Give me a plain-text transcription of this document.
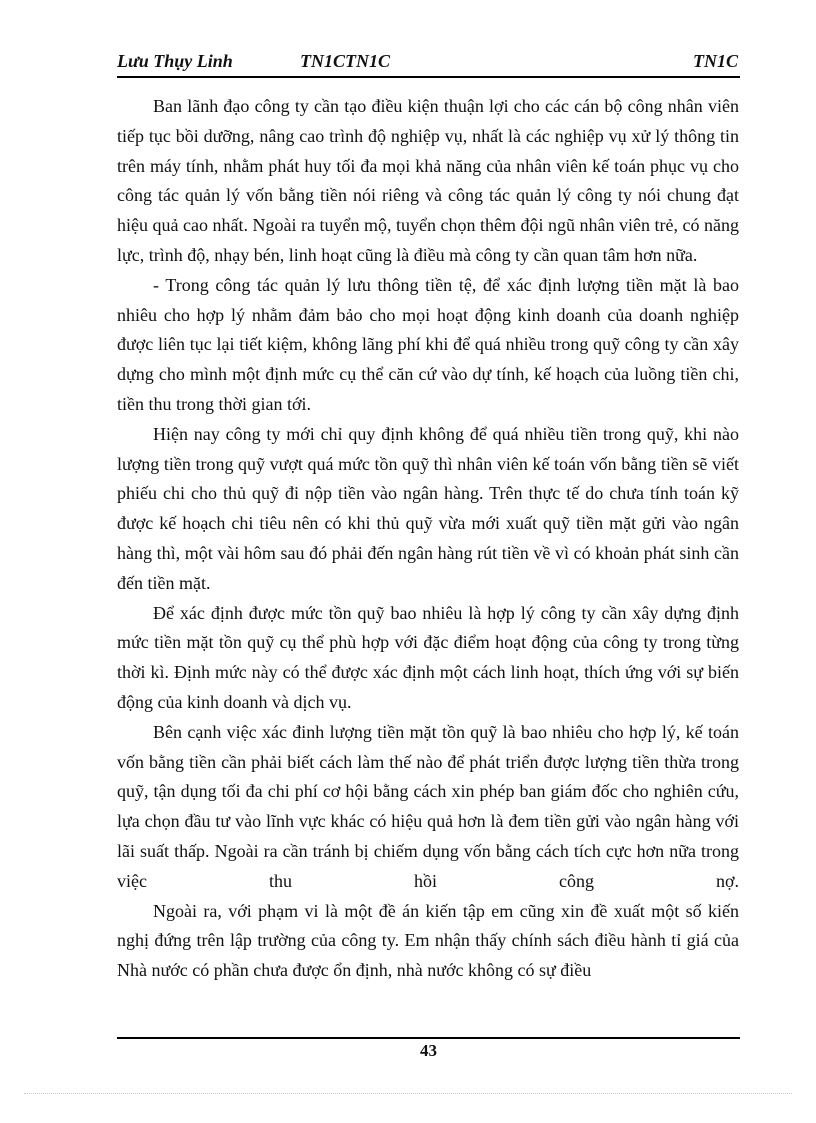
Lưu Thụy Linh	TN1CTN1C	TN1C

Ban lãnh đạo công ty cần tạo điều kiện thuận lợi cho các cán bộ công nhân viên tiếp tục bồi dưỡng, nâng cao trình độ nghiệp vụ, nhất là các nghiệp vụ xử lý thông tin trên máy tính, nhằm phát huy tối đa mọi khả năng của nhân viên kế toán phục vụ cho công tác quản lý vốn bằng tiền nói riêng và công tác quản lý công ty nói chung đạt hiệu quả cao nhất. Ngoài ra tuyển mộ, tuyển chọn thêm đội ngũ nhân viên trẻ, có năng lực, trình độ, nhạy bén, linh hoạt cũng là điều mà công ty cần quan tâm hơn nữa.

- Trong công tác quản lý lưu thông tiền tệ, để xác định lượng tiền mặt là bao nhiêu cho hợp lý nhằm đảm bảo cho mọi hoạt động kinh doanh của doanh nghiệp được liên tục lại tiết kiệm, không lãng phí khi để quá nhiều trong quỹ công ty cần xây dựng cho mình một định mức cụ thể căn cứ vào dự tính, kế hoạch của luồng tiền chi, tiền thu trong thời gian tới.

Hiện nay công ty mới chỉ quy định không để quá nhiều tiền trong quỹ, khi nào lượng tiền trong quỹ vượt quá mức tồn quỹ thì nhân viên kế toán vốn bằng tiền sẽ viết phiếu chi cho thủ quỹ đi nộp tiền vào ngân hàng. Trên thực tế do chưa tính toán kỹ được kế hoạch chi tiêu nên có khi thủ quỹ vừa mới xuất quỹ tiền mặt gửi vào ngân hàng thì, một vài hôm sau đó phải đến ngân hàng rút tiền về vì có khoản phát sinh cần đến tiền mặt.

Để xác định được mức tồn quỹ bao nhiêu là hợp lý công ty cần xây dựng định mức tiền mặt tồn quỹ cụ thể phù hợp với đặc điểm hoạt động của công ty trong từng thời kì. Định mức này có thể được xác định một cách linh hoạt, thích ứng với sự biến động của kinh doanh và dịch vụ.

Bên cạnh việc xác đinh lượng tiền mặt tồn quỹ là bao nhiêu cho hợp lý, kế toán vốn bằng tiền cần phải biết cách làm thế nào để phát triển được lượng tiền thừa trong quỹ, tận dụng tối đa chi phí cơ hội bằng cách xin phép ban giám đốc cho nghiên cứu, lựa chọn đầu tư vào lĩnh vực khác có hiệu quả hơn là đem tiền gửi vào ngân hàng với lãi suất thấp. Ngoài ra cần tránh bị chiếm dụng vốn bằng cách tích cực hơn nữa trong việc thu hồi công nợ.

Ngoài ra, với phạm vi là một đề án kiến tập em cũng xin đề xuất một số kiến nghị đứng trên lập trường của công ty. Em nhận thấy chính sách điều hành tỉ giá của Nhà nước có phần chưa được ổn định, nhà nước không có sự điều

43
